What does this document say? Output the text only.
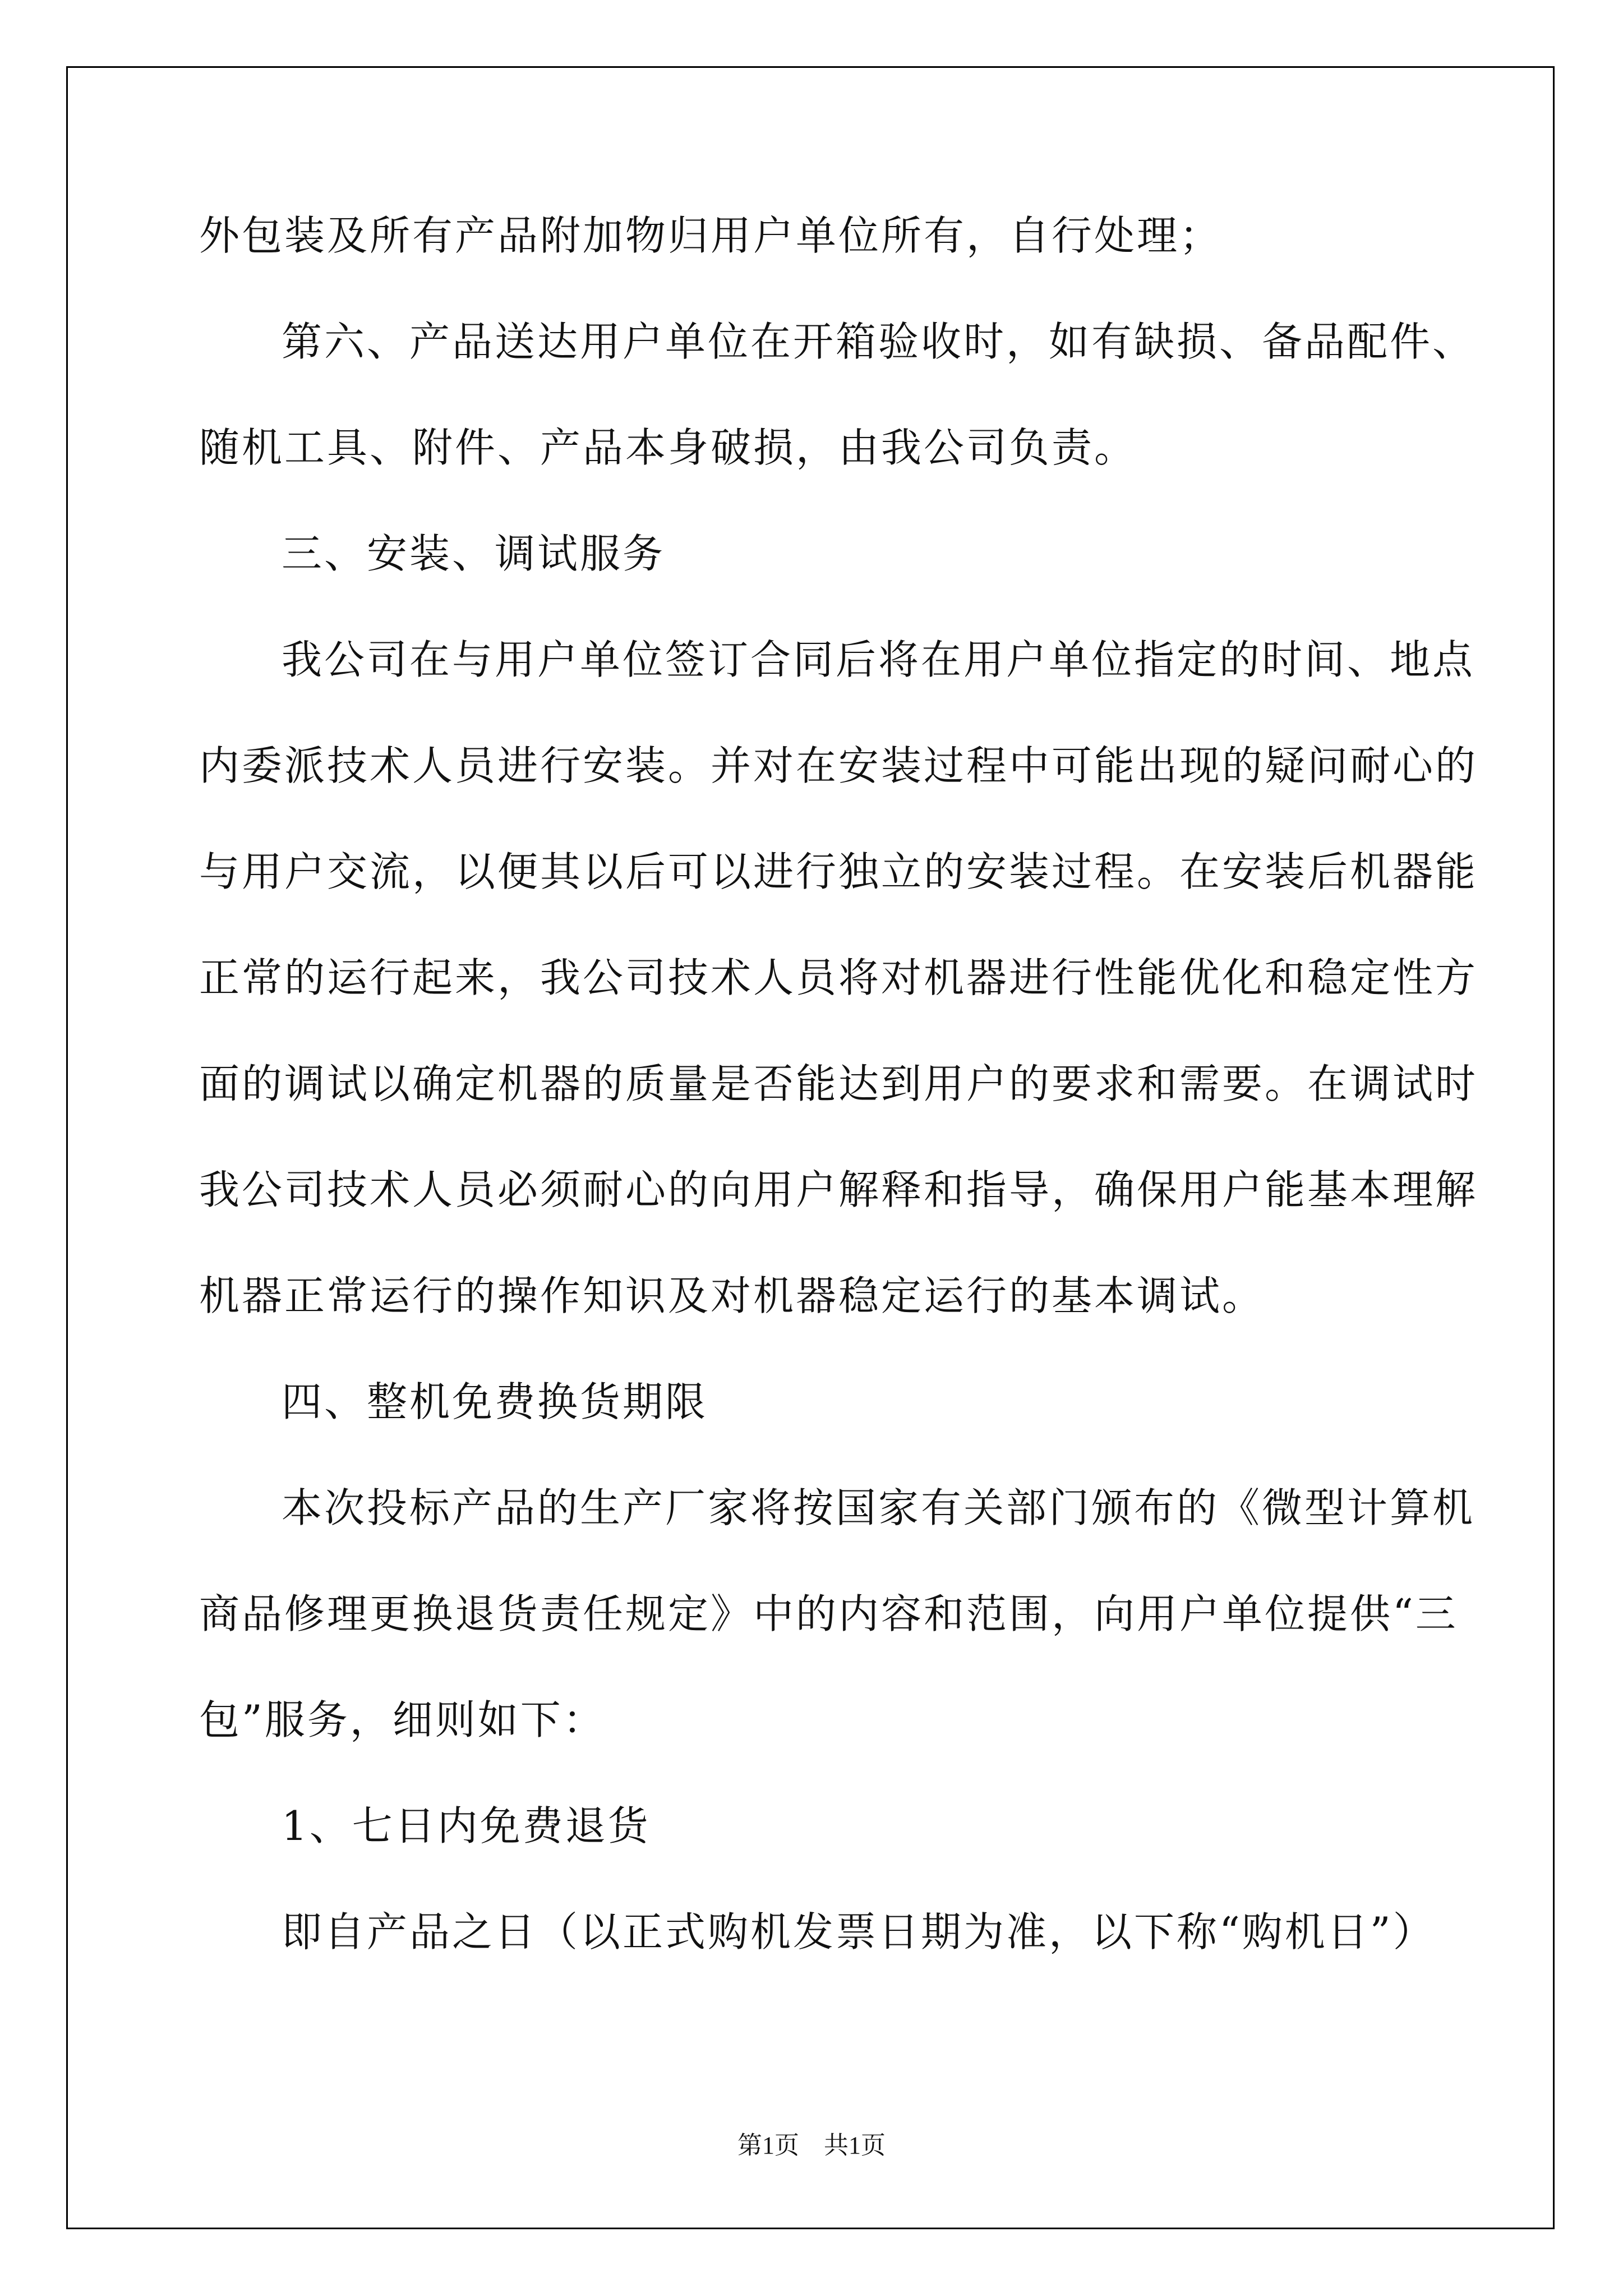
外包装及所有产品附加物归用户单位所有，自行处理；
第六、产品送达用户单位在开箱验收时，如有缺损、备品配件、
随机工具、附件、产品本身破损，由我公司负责。
三、安装、调试服务
我公司在与用户单位签订合同后将在用户单位指定的时间、地点
内委派技术人员进行安装。并对在安装过程中可能出现的疑问耐心的
与用户交流，以便其以后可以进行独立的安装过程。在安装后机器能
正常的运行起来，我公司技术人员将对机器进行性能优化和稳定性方
面的调试以确定机器的质量是否能达到用户的要求和需要。在调试时
我公司技术人员必须耐心的向用户解释和指导，确保用户能基本理解
机器正常运行的操作知识及对机器稳定运行的基本调试。
四、整机免费换货期限
本次投标产品的生产厂家将按国家有关部门颁布的《微型计算机
商品修理更换退货责任规定》中的内容和范围，向用户单位提供“三
包”服务，细则如下：
1、七日内免费退货
即自产品之日（以正式购机发票日期为准，以下称“购机日”）
第1页　共1页
